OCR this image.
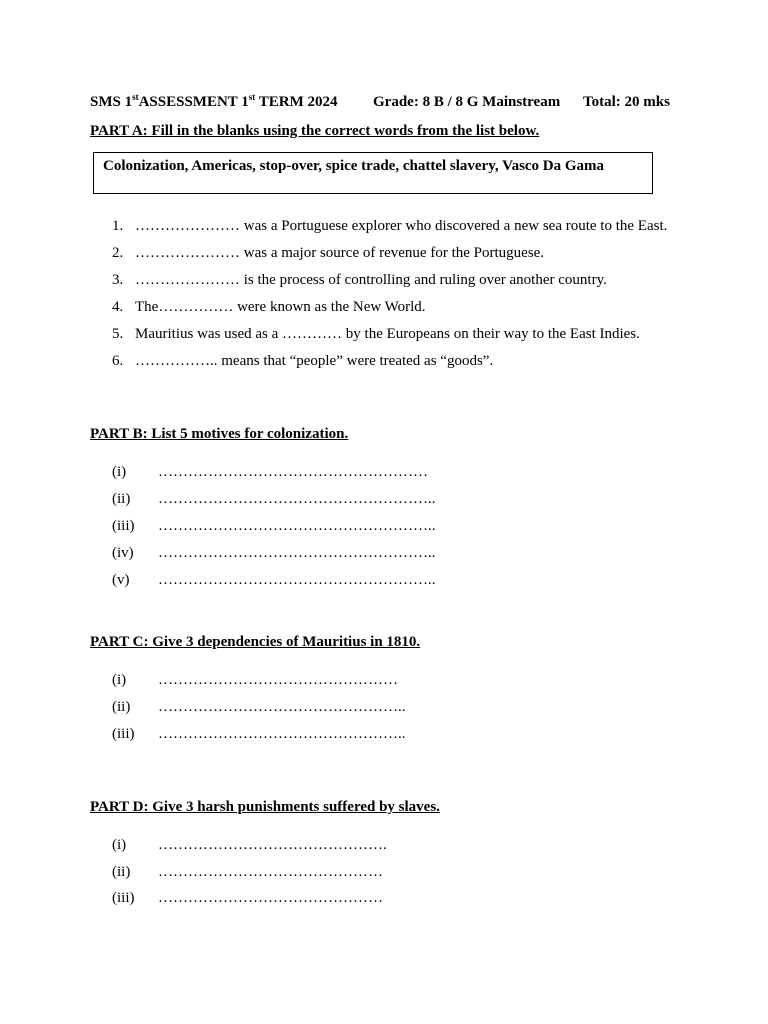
SMS 1stASSESSMENT 1st TERM 2024 Grade: 8 B / 8 G Mainstream Total: 20 mks
PART A: Fill in the blanks using the correct words from the list below.
Colonization, Americas, stop-over, spice trade, chattel slavery, Vasco Da Gama
1. ………………… was a Portuguese explorer who discovered a new sea route to the East.
2. ………………… was a major source of revenue for the Portuguese.
3. ………………… is the process of controlling and ruling over another country.
4. The…………… were known as the New World.
5. Mauritius was used as a ………… by the Europeans on their way to the East Indies.
6. …………….. means that “people” were treated as “goods”.
PART B: List 5 motives for colonization.
(i) ………………………………………………
(ii) ………………………………………………..
(iii) ………………………………………………..
(iv) ………………………………………………..
(v) ………………………………………………..
PART C: Give 3 dependencies of Mauritius in 1810.
(i) …………………………………………
(ii) …………………………………………..
(iii) …………………………………………..
PART D: Give 3 harsh punishments suffered by slaves.
(i) ……………………………………….
(ii) ………………………………………
(iii) ………………………………………
